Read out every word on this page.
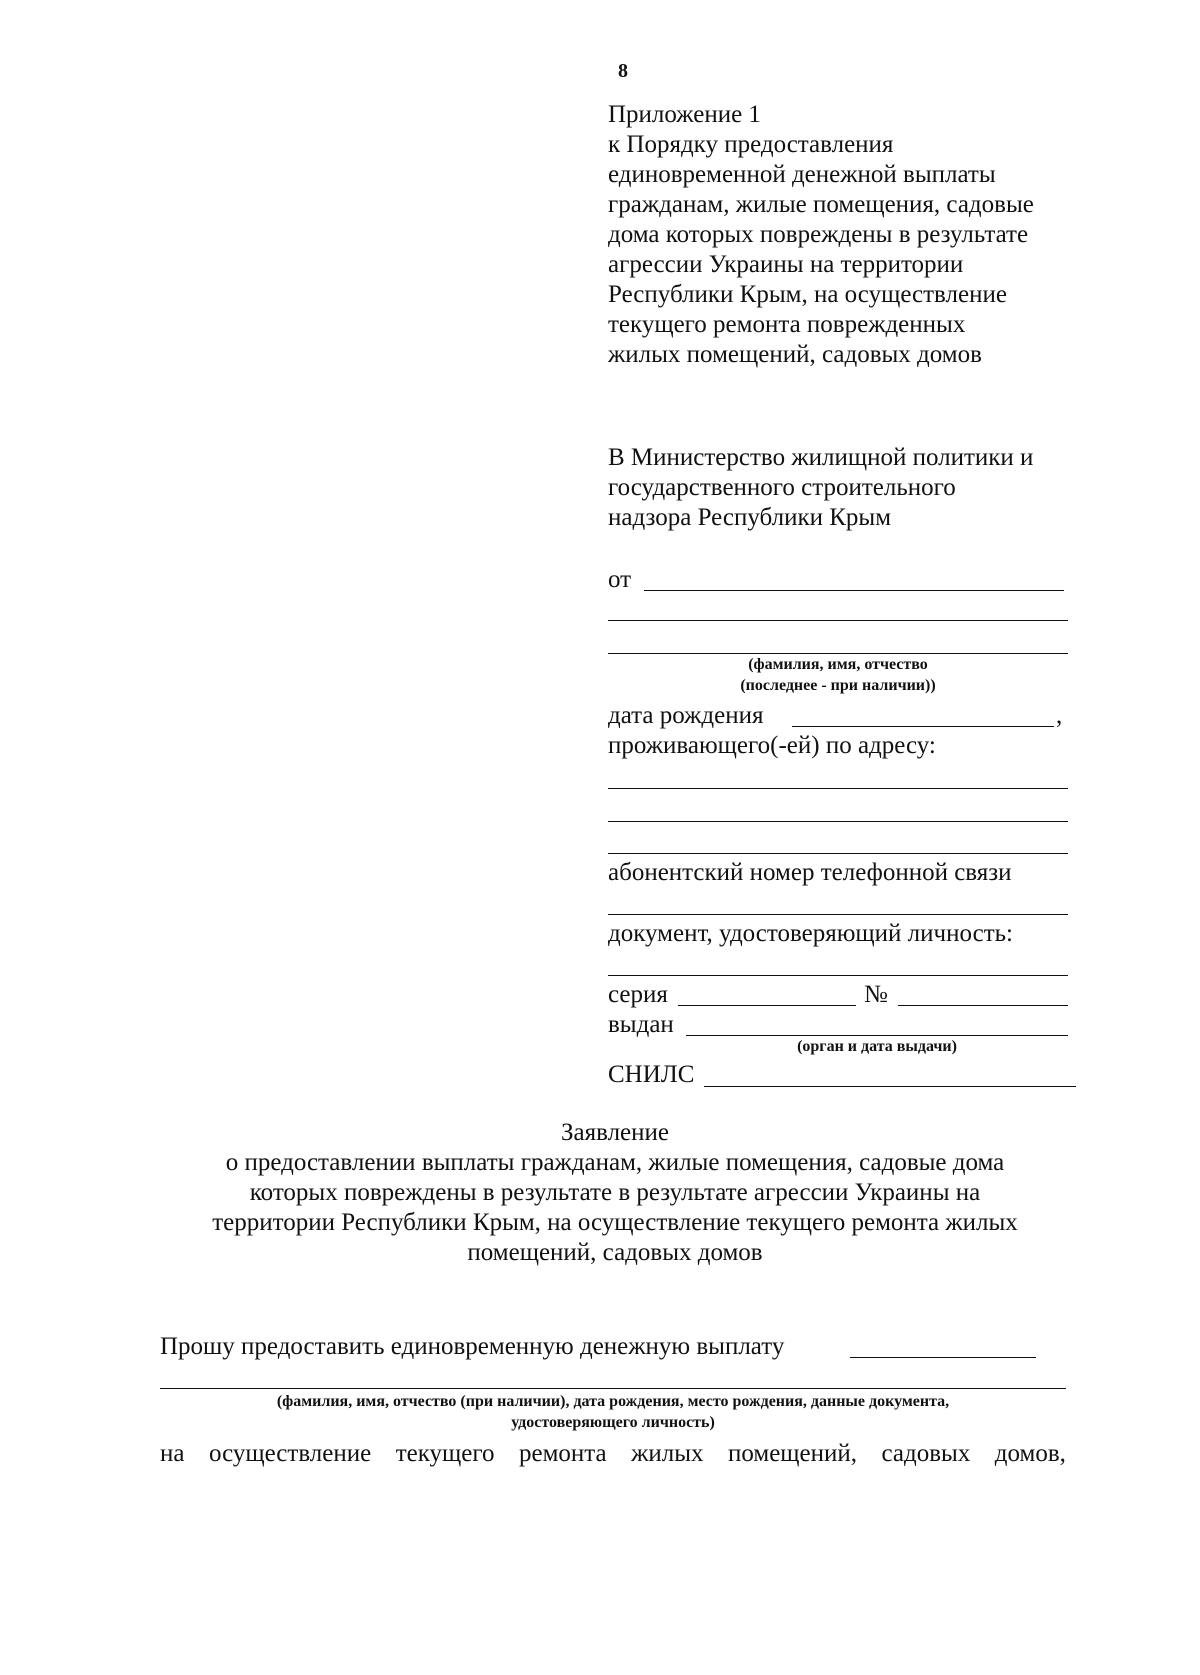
8
Приложение 1
к Порядку предоставления
единовременной денежной выплаты
гражданам, жилые помещения, садовые
дома которых повреждены в результате
агрессии Украины на территории
Республики Крым, на осуществление
текущего ремонта поврежденных
жилых помещений, садовых домов
В Министерство жилищной политики и
государственного строительного
надзора Республики Крым
от
(фамилия, имя, отчество
(последнее - при наличии))
дата рождения	,
проживающего(-ей) по адресу:
абонентский номер телефонной связи
документ, удостоверяющий личность:
серия	№
выдан
(орган и дата выдачи)
СНИЛС
Заявление
о предоставлении выплаты гражданам, жилые помещения, садовые дома
которых повреждены в результате в результате агрессии Украины на
территории Республики Крым, на осуществление текущего ремонта жилых
помещений, садовых домов
Прошу предоставить единовременную денежную выплату
(фамилия, имя, отчество (при наличии), дата рождения, место рождения, данные документа,
удостоверяющего личность)
на осуществление текущего ремонта жилых помещений, садовых домов,
